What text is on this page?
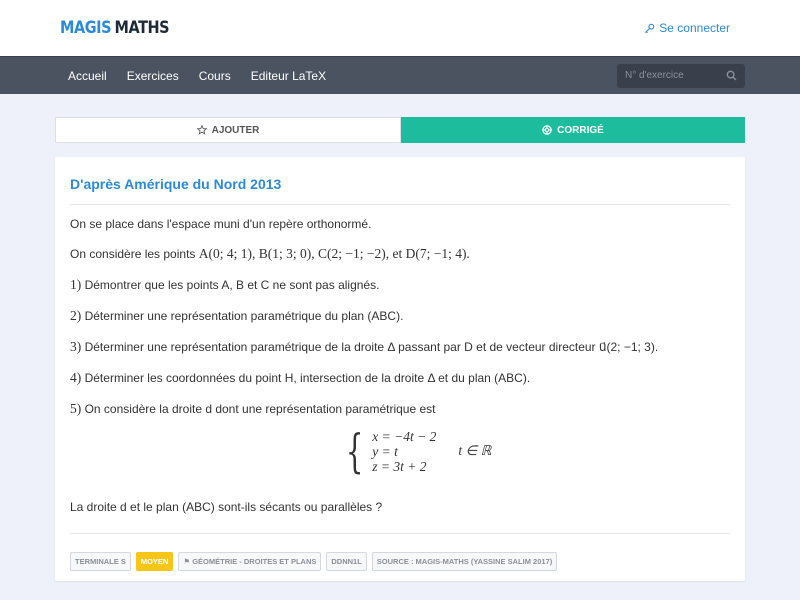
MAGIS MATHS	Se connecter
Accueil Exercices Cours Editeur LaTeX
N° d'exercice
AJOUTER	CORRIGÉ
D'après Amérique du Nord 2013
On se place dans l'espace muni d'un repère orthonormé.
On considère les points A(0; 4; 1), B(1; 3; 0), C(2; −1; −2), et D(7; −1; 4).
1) Démontrer que les points A, B et C ne sont pas alignés.
2) Déterminer une représentation paramétrique du plan (ABC).
3) Déterminer une représentation paramétrique de la droite Δ passant par D et de vecteur directeur u⃗(2; −1; 3).
4) Déterminer les coordonnées du point H, intersection de la droite Δ et du plan (ABC).
5) On considère la droite d dont une représentation paramétrique est
{ x = −4t − 2
y = t
z = 3t + 2
t ∈ ℝ
La droite d et le plan (ABC) sont-ils sécants ou parallèles ?
TERMINALE S	MOYEN	⚑ GÉOMÉTRIE - DROITES ET PLANS	DDNN1L	SOURCE : MAGIS-MATHS (YASSINE SALIM 2017)
